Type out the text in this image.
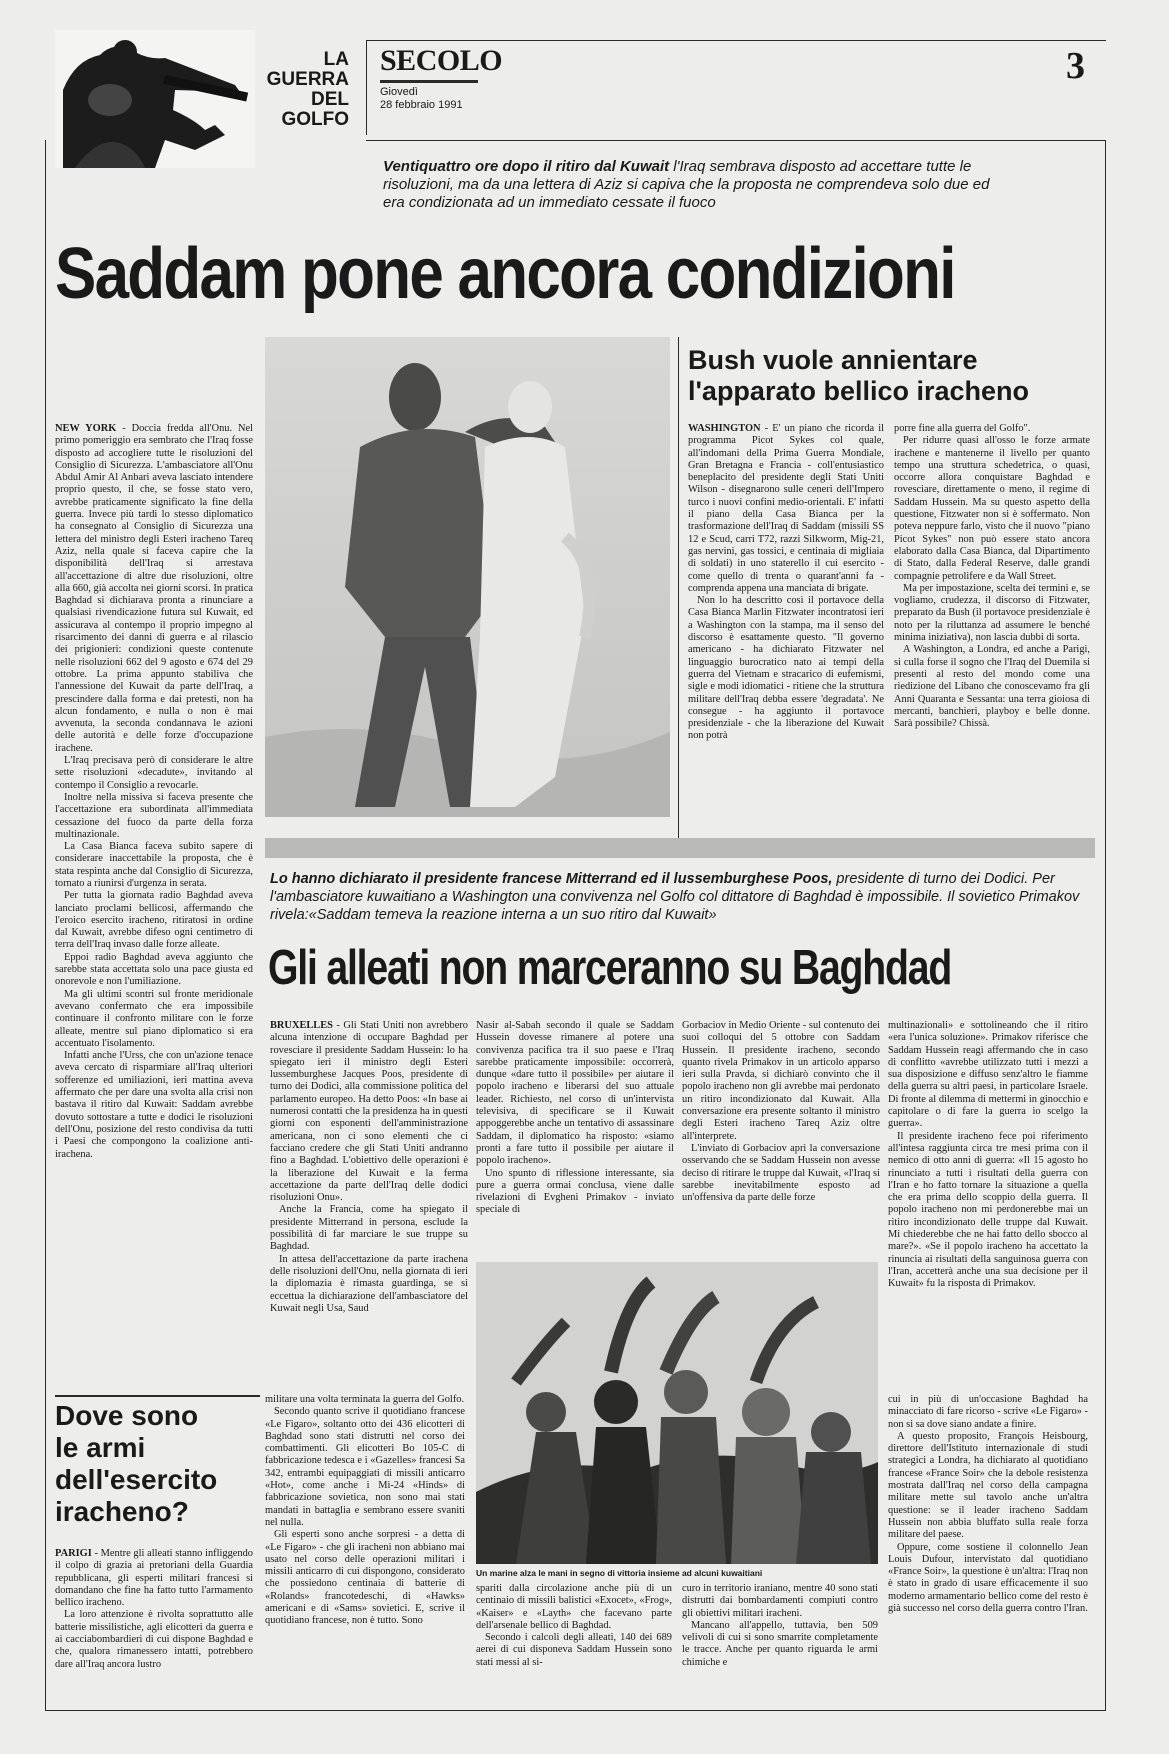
LA GUERRA
DEL
GOLFO
SECOLO
Giovedì
28 febbraio 1991
3
Ventiquattro ore dopo il ritiro dal Kuwait l'Iraq sembrava disposto ad accettare tutte le risoluzioni, ma da una lettera di Aziz si capiva che la proposta ne comprendeva solo due ed era condizionata ad un immediato cessate il fuoco
Saddam pone ancora condizioni

NEW YORK - Doccia fredda all'Onu. Nel primo pomeriggio era sembrato che l'Iraq fosse disposto ad accogliere tutte le risoluzioni del Consiglio di Sicurezza. L'ambasciatore all'Onu Abdul Amir Al Anbari aveva lasciato intendere proprio questo, il che, se fosse stato vero, avrebbe praticamente significato la fine della guerra. Invece più tardi lo stesso diplomatico ha consegnato al Consiglio di Sicurezza una lettera del ministro degli Esteri iracheno Tareq Aziz, nella quale si faceva capire che la disponibilità dell'Iraq si arrestava all'accettazione di altre due risoluzioni, oltre alla 660, già accolta nei giorni scorsi. In pratica Baghdad si dichiarava pronta a rinunciare a qualsiasi rivendicazione futura sul Kuwait, ed assicurava al contempo il proprio impegno al risarcimento dei danni di guerra e al rilascio dei prigionieri: condizioni queste contenute nelle risoluzioni 662 del 9 agosto e 674 del 29 ottobre. La prima appunto stabiliva che l'annessione del Kuwait da parte dell'Iraq, a prescindere dalla forma e dai pretesti, non ha alcun fondamento, e nulla o non è mai avvenuta, la seconda condannava le azioni delle autorità e delle forze d'occupazione irachene.

L'Iraq precisava però di considerare le altre sette risoluzioni «decadute», invitando al contempo il Consiglio a revocarle.

Inoltre nella missiva si faceva presente che l'accettazione era subordinata all'immediata cessazione del fuoco da parte della forza multinazionale.

La Casa Bianca faceva subito sapere di considerare inaccettabile la proposta, che è stata respinta anche dal Consiglio di Sicurezza, tornato a riunirsi d'urgenza in serata.

Per tutta la giornata radio Baghdad aveva lanciato proclami bellicosi, affermando che l'eroico esercito iracheno, ritiratosi in ordine dal Kuwait, avrebbe difeso ogni centimetro di terra dell'Iraq invaso dalle forze alleate.

Eppoi radio Baghdad aveva aggiunto che sarebbe stata accettata solo una pace giusta ed onorevole e non l'umiliazione.

Ma gli ultimi scontri sul fronte meridionale avevano confermato che era impossibile continuare il confronto militare con le forze alleate, mentre sul piano diplomatico si era accentuato l'isolamento.

Infatti anche l'Urss, che con un'azione tenace aveva cercato di risparmiare all'Iraq ulteriori sofferenze ed umiliazioni, ieri mattina aveva affermato che per dare una svolta alla crisi non bastava il ritiro dal Kuwait: Saddam avrebbe dovuto sottostare a tutte e dodici le risoluzioni dell'Onu, posizione del resto condivisa da tutti i Paesi che compongono la coalizione anti-irachena.

Bush vuole annientare
l'apparato bellico iracheno

WASHINGTON - E' un piano che ricorda il programma Picot Sykes col quale, all'indomani della Prima Guerra Mondiale, Gran Bretagna e Francia - coll'entusiastico beneplacito del presidente degli Stati Uniti Wilson - disegnarono sulle ceneri dell'Impero turco i nuovi confini medio-orientali. E' infatti il piano della Casa Bianca per la trasformazione dell'Iraq di Saddam (missili SS 12 e Scud, carri T72, razzi Silkworm, Mig-21, gas nervini, gas tossici, e centinaia di migliaia di soldati) in uno staterello il cui esercito - come quello di trenta o quarant'anni fa - comprenda appena una manciata di brigate.

Non lo ha descritto così il portavoce della Casa Bianca Marlin Fitzwater incontratosi ieri a Washington con la stampa, ma il senso del discorso è esattamente questo. "Il governo americano - ha dichiarato Fitzwater nel linguaggio burocratico nato ai tempi della guerra del Vietnam e stracarico di eufemismi, sigle e modi idiomatici - ritiene che la struttura militare dell'Iraq debba essere 'degradata'. Ne consegue - ha aggiunto il portavoce presidenziale - che la liberazione del Kuwait non potrà

porre fine alla guerra del Golfo".

Per ridurre quasi all'osso le forze armate irachene e mantenerne il livello per quanto tempo una struttura schedetrica, o quasi, occorre allora conquistare Baghdad e rovesciare, direttamente o meno, il regime di Saddam Hussein. Ma su questo aspetto della questione, Fitzwater non si è soffermato. Non poteva neppure farlo, visto che il nuovo "piano Picot Sykes" non può essere stato ancora elaborato dalla Casa Bianca, dal Dipartimento di Stato, dalla Federal Reserve, dalle grandi compagnie petrolifere e da Wall Street.

Ma per impostazione, scelta dei termini e, se vogliamo, crudezza, il discorso di Fitzwater, preparato da Bush (il portavoce presidenziale è noto per la riluttanza ad assumere le benché minima iniziativa), non lascia dubbi di sorta.

A Washington, a Londra, ed anche a Parigi, si culla forse il sogno che l'Iraq del Duemila si presenti al resto del mondo come una riedizione del Libano che conoscevamo fra gli Anni Quaranta e Sessanta: una terra gioiosa di mercanti, banchieri, playboy e belle donne. Sarà possibile? Chissà.

Lo hanno dichiarato il presidente francese Mitterrand ed il lussemburghese Poos, presidente di turno dei Dodici. Per l'ambasciatore kuwaitiano a Washington una convivenza nel Golfo col dittatore di Baghdad è impossibile. Il sovietico Primakov rivela:«Saddam temeva la reazione interna a un suo ritiro dal Kuwait»
Gli alleati non marceranno su Baghdad

BRUXELLES - Gli Stati Uniti non avrebbero alcuna intenzione di occupare Baghdad per rovesciare il presidente Saddam Hussein: lo ha spiegato ieri il ministro degli Esteri lussemburghese Jacques Poos, presidente di turno dei Dodici, alla commissione politica del parlamento europeo. Ha detto Poos: «In base ai numerosi contatti che la presidenza ha in questi giorni con esponenti dell'amministrazione americana, non ci sono elementi che ci facciano credere che gli Stati Uniti andranno fino a Baghdad. L'obiettivo delle operazioni è la liberazione del Kuwait e la ferma accettazione da parte dell'Iraq delle dodici risoluzioni Onu».

Anche la Francia, come ha spiegato il presidente Mitterrand in persona, esclude la possibilità di far marciare le sue truppe su Baghdad.

In attesa dell'accettazione da parte irachena delle risoluzioni dell'Onu, nella giornata di ieri la diplomazia è rimasta guardinga, se si eccettua la dichiarazione dell'ambasciatore del Kuwait negli Usa, Saud

Nasir al-Sabah secondo il quale se Saddam Hussein dovesse rimanere al potere una convivenza pacifica tra il suo paese e l'Iraq sarebbe praticamente impossibile: occorrerà, dunque «dare tutto il possibile» per aiutare il popolo iracheno e liberarsi del suo attuale leader. Richiesto, nel corso di un'intervista televisiva, di specificare se il Kuwait appoggerebbe anche un tentativo di assassinare Saddam, il diplomatico ha risposto: «siamo pronti a fare tutto il possibile per aiutare il popolo iracheno».

Uno spunto di riflessione interessante, sia pure a guerra ormai conclusa, viene dalle rivelazioni di Evgheni Primakov - inviato speciale di

Gorbaciov in Medio Oriente - sul contenuto dei suoi colloqui del 5 ottobre con Saddam Hussein. Il presidente iracheno, secondo quanto rivela Primakov in un articolo apparso ieri sulla Pravda, si dichiarò convinto che il popolo iracheno non gli avrebbe mai perdonato un ritiro incondizionato dal Kuwait. Alla conversazione era presente soltanto il ministro degli Esteri iracheno Tareq Aziz oltre all'interprete.

L'inviato di Gorbaciov aprì la conversazione osservando che se Saddam Hussein non avesse deciso di ritirare le truppe dal Kuwait, «l'Iraq si sarebbe inevitabilmente esposto ad un'offensiva da parte delle forze

multinazionali» e sottolineando che il ritiro «era l'unica soluzione». Primakov riferisce che Saddam Hussein reagì affermando che in caso di conflitto «avrebbe utilizzato tutti i mezzi a sua disposizione e diffuso senz'altro le fiamme della guerra su altri paesi, in particolare Israele. Di fronte al dilemma di mettermi in ginocchio e capitolare o di fare la guerra io scelgo la guerra».

Il presidente iracheno fece poi riferimento all'intesa raggiunta circa tre mesi prima con il nemico di otto anni di guerra: «Il 15 agosto ho rinunciato a tutti i risultati della guerra con l'Iran e ho fatto tornare la situazione a quella che era prima dello scoppio della guerra. Il popolo iracheno non mi perdonerebbe mai un ritiro incondizionato delle truppe dal Kuwait. Mi chiederebbe che ne hai fatto dello sbocco al mare?». «Se il popolo iracheno ha accettato la rinuncia ai risultati della sanguinosa guerra con l'Iran, accetterà anche una sua decisione per il Kuwait» fu la risposta di Primakov.

Un marine alza le mani in segno di vittoria insieme ad alcuni kuwaitiani
Dove sono
le armi
dell'esercito
iracheno?

PARIGI - Mentre gli alleati stanno infliggendo il colpo di grazia ai pretoriani della Guardia repubblicana, gli esperti militari francesi si domandano che fine ha fatto tutto l'armamento bellico iracheno.

La loro attenzione è rivolta soprattutto alle batterie missilistiche, agli elicotteri da guerra e ai cacciabombardieri di cui dispone Baghdad e che, qualora rimanessero intatti, potrebbero dare all'Iraq ancora lustro

militare una volta terminata la guerra del Golfo.

Secondo quanto scrive il quotidiano francese «Le Figaro», soltanto otto dei 436 elicotteri di Baghdad sono stati distrutti nel corso dei combattimenti. Gli elicotteri Bo 105-C di fabbricazione tedesca e i «Gazelles» francesi Sa 342, entrambi equipaggiati di missili anticarro «Hot», come anche i Mi-24 «Hinds» di fabbricazione sovietica, non sono mai stati mandati in battaglia e sembrano essere svaniti nel nulla.

Gli esperti sono anche sorpresi - a detta di «Le Figaro» - che gli iracheni non abbiano mai usato nel corso delle operazioni militari i missili anticarro di cui dispongono, considerato che possiedono centinaia di batterie di «Rolands» francotedeschi, di «Hawks» americani e di «Sams» sovietici. E, scrive il quotidiano francese, non è tutto. Sono

spariti dalla circolazione anche più di un centinaio di missili balistici «Exocet», «Frog», «Kaiser» e «Layth» che facevano parte dell'arsenale bellico di Baghdad.

Secondo i calcoli degli alleati, 140 dei 689 aerei di cui disponeva Saddam Hussein sono stati messi al si-

curo in territorio iraniano, mentre 40 sono stati distrutti dai bombardamenti compiuti contro gli obiettivi militari iracheni.

Mancano all'appello, tuttavia, ben 509 velivoli di cui si sono smarrite completamente le tracce. Anche per quanto riguarda le armi chimiche e

cui in più di un'occasione Baghdad ha minacciato di fare ricorso - scrive «Le Figaro» - non si sa dove siano andate a finire.

A questo proposito, François Heisbourg, direttore dell'Istituto internazionale di studi strategici a Londra, ha dichiarato al quotidiano francese «France Soir» che la debole resistenza mostrata dall'Iraq nel corso della campagna militare mette sul tavolo anche un'altra questione: se il leader iracheno Saddam Hussein non abbia bluffato sulla reale forza militare del paese.

Oppure, come sostiene il colonnello Jean Louis Dufour, intervistato dal quotidiano «France Soir», la questione è un'altra: l'Iraq non è stato in grado di usare efficacemente il suo moderno armamentario bellico come del resto è già successo nel corso della guerra contro l'Iran.
